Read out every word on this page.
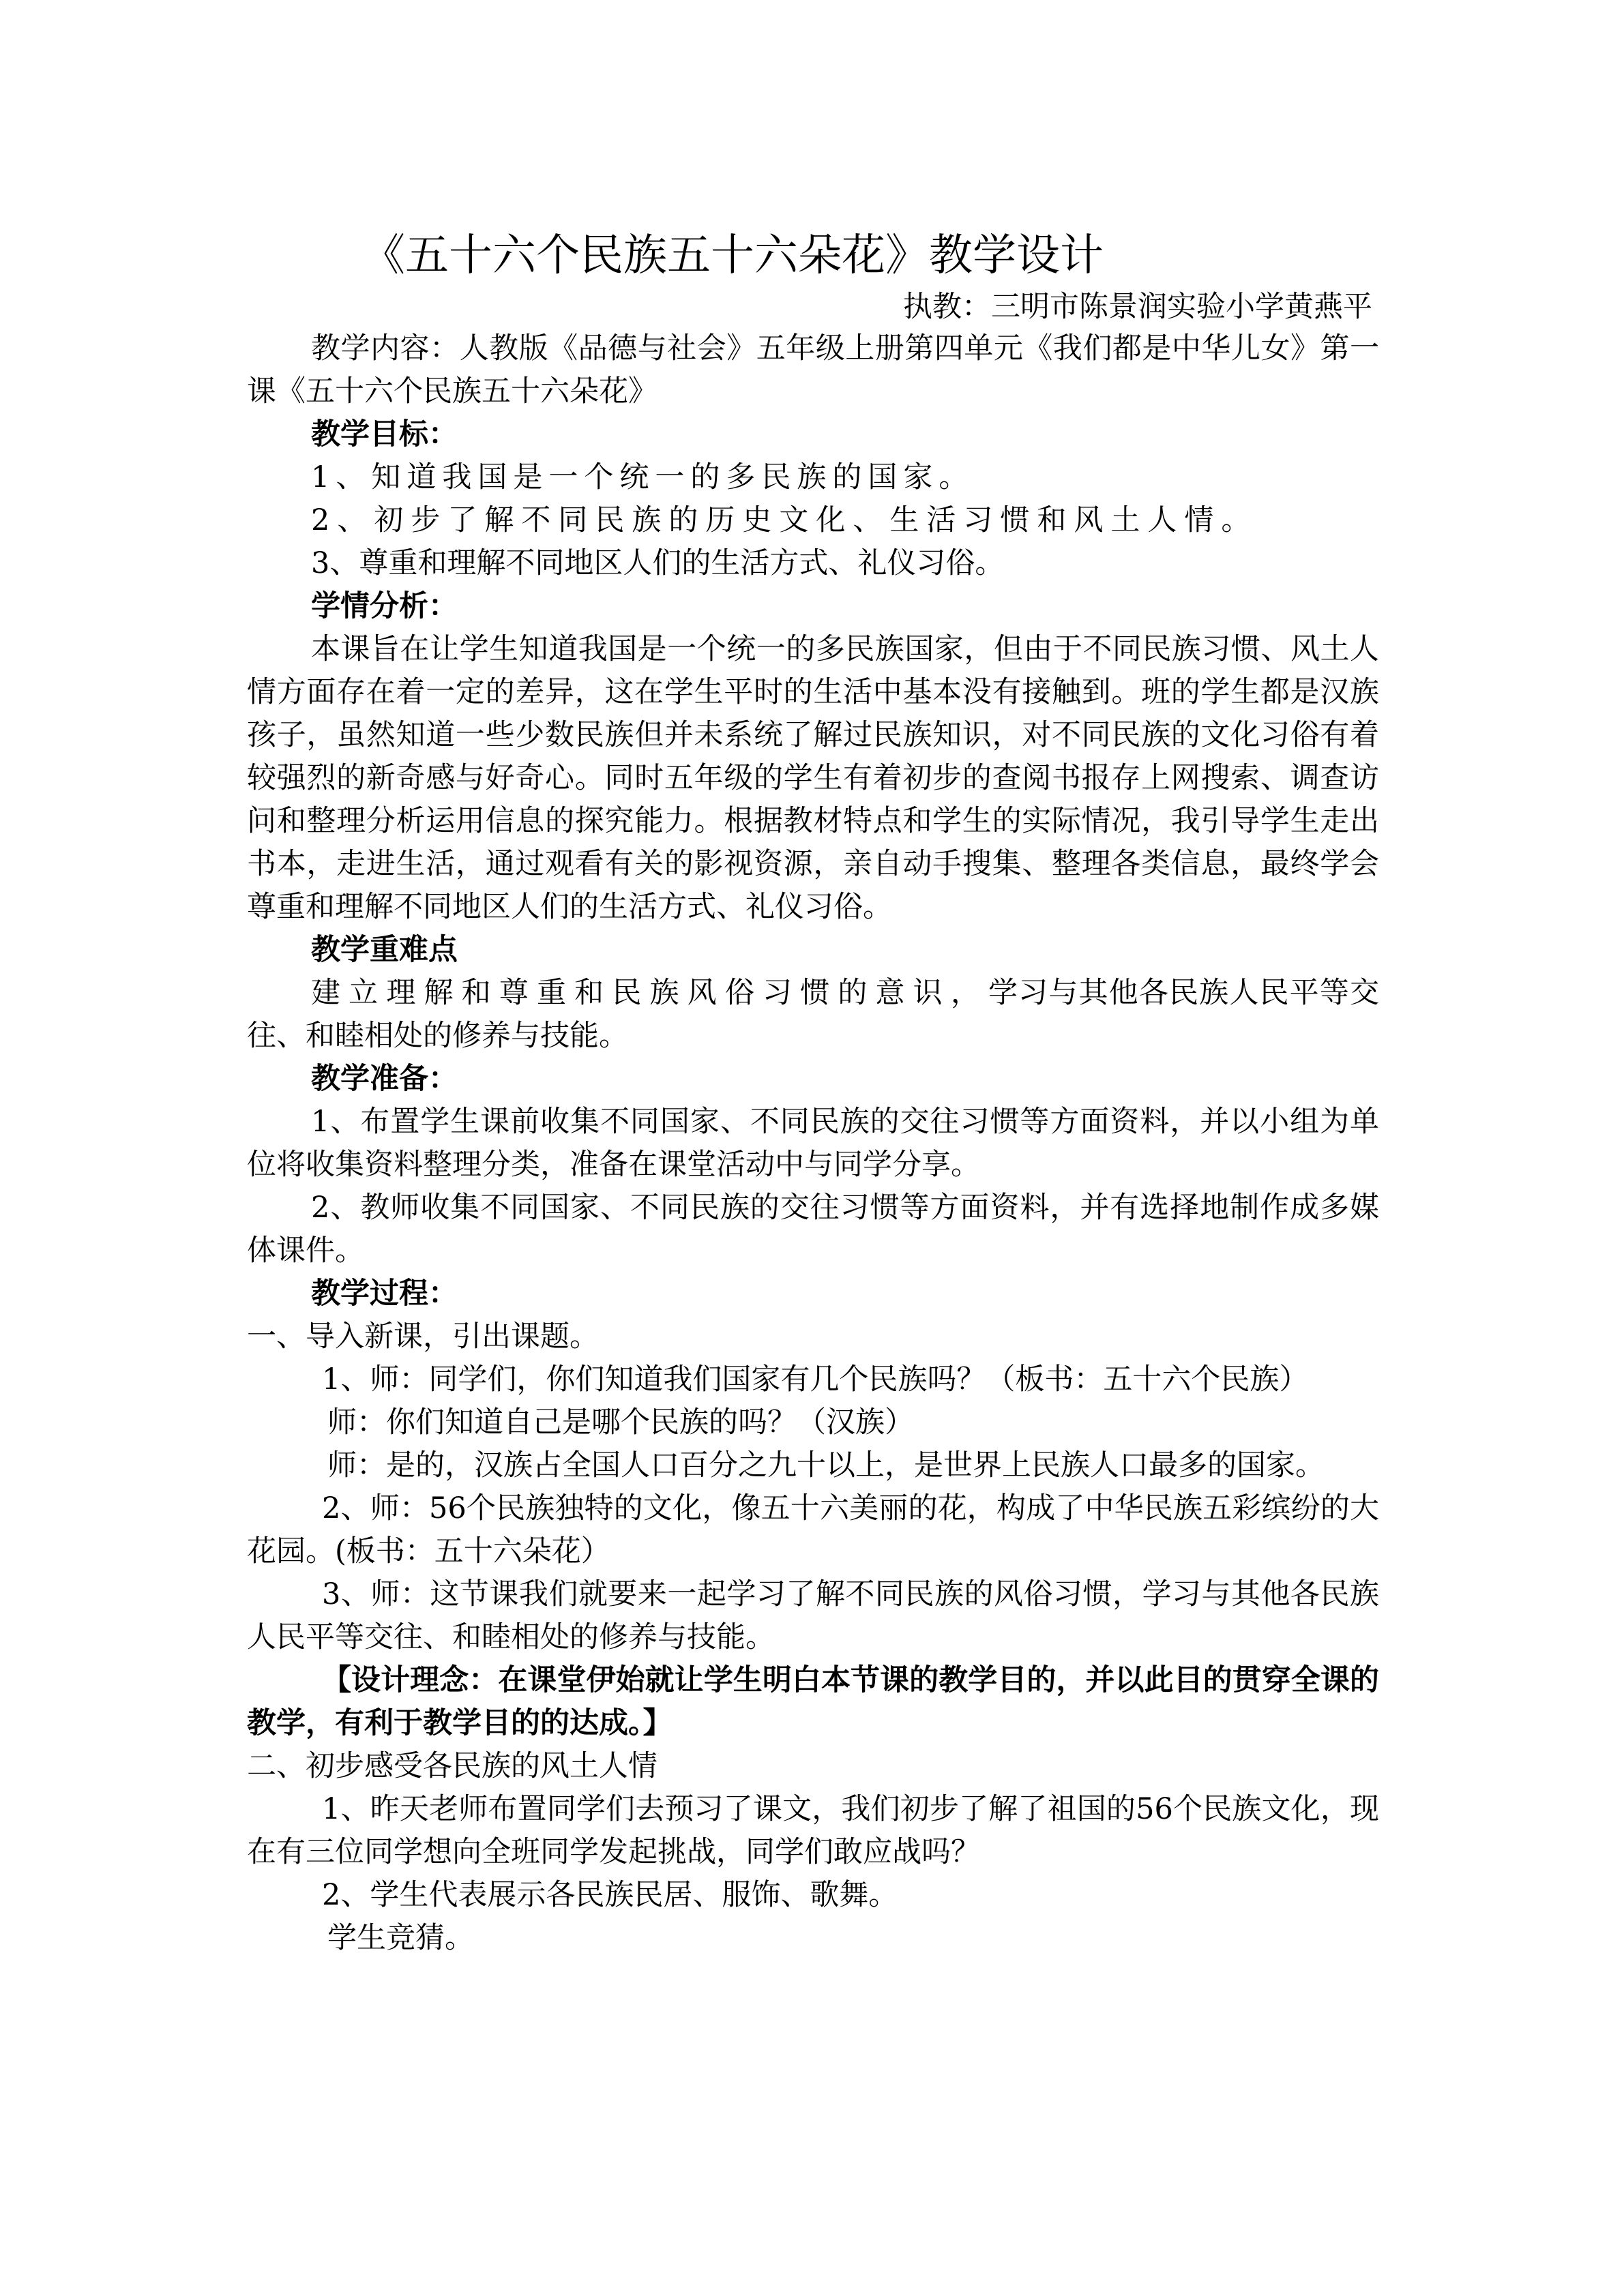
《五十六个民族五十六朵花》教学设计
执教：三明市陈景润实验小学黄燕平

教学内容：人教版《品德与社会》五年级上册第四单元《我们都是中华儿女》第一课《五十六个民族五十六朵花》

教学目标：

1、知道我国是一个统一的多民族的国家。

2、初步了解不同民族的历史文化、生活习惯和风土人情。

3、尊重和理解不同地区人们的生活方式、礼仪习俗。

学情分析：

本课旨在让学生知道我国是一个统一的多民族国家，但由于不同民族习惯、风土人情方面存在着一定的差异，这在学生平时的生活中基本没有接触到。班的学生都是汉族孩子，虽然知道一些少数民族但并未系统了解过民族知识，对不同民族的文化习俗有着较强烈的新奇感与好奇心。同时五年级的学生有着初步的查阅书报存上网搜索、调查访问和整理分析运用信息的探究能力。根据教材特点和学生的实际情况，我引导学生走出书本，走进生活，通过观看有关的影视资源，亲自动手搜集、整理各类信息，最终学会尊重和理解不同地区人们的生活方式、礼仪习俗。

教学重难点

建立理解和尊重和民族风俗习惯的意识，学习与其他各民族人民平等交往、和睦相处的修养与技能。

教学准备：

1、布置学生课前收集不同国家、不同民族的交往习惯等方面资料，并以小组为单位将收集资料整理分类，准备在课堂活动中与同学分享。

2、教师收集不同国家、不同民族的交往习惯等方面资料，并有选择地制作成多媒体课件。

教学过程：

一、导入新课，引出课题。

1、师：同学们，你们知道我们国家有几个民族吗？（板书：五十六个民族）

师：你们知道自己是哪个民族的吗？（汉族）

师：是的，汉族占全国人口百分之九十以上，是世界上民族人口最多的国家。

2、师：56个民族独特的文化，像五十六美丽的花，构成了中华民族五彩缤纷的大花园。(板书：五十六朵花）

3、师：这节课我们就要来一起学习了解不同民族的风俗习惯，学习与其他各民族人民平等交往、和睦相处的修养与技能。

【设计理念：在课堂伊始就让学生明白本节课的教学目的，并以此目的贯穿全课的教学，有利于教学目的的达成。】

二、初步感受各民族的风土人情

1、昨天老师布置同学们去预习了课文，我们初步了解了祖国的56个民族文化，现在有三位同学想向全班同学发起挑战，同学们敢应战吗？

2、学生代表展示各民族民居、服饰、歌舞。

学生竞猜。
